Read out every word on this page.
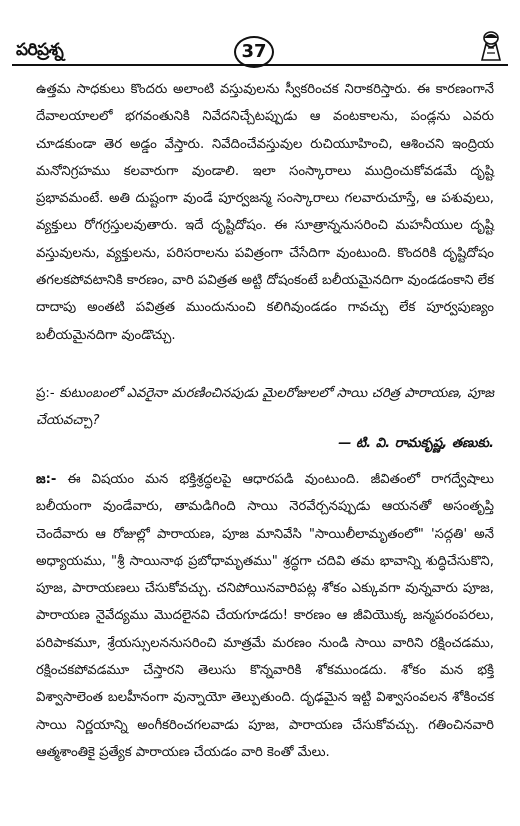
పరిప్రశ్న	37

ఉత్తమ సాధకులు కొందరు అలాంటి వస్తువులను స్వీకరించక నిరాకరిస్తారు. ఈ కారణంగానే దేవాలయాలలో భగవంతునికి నివేదనిచ్చేటప్పుడు ఆ వంటకాలను, పండ్లను ఎవరు చూడకుండా తెర అడ్డం వేస్తారు. నివేదించేవస్తువుల రుచియూహించి, ఆశించని ఇంద్రియ మనోనిగ్రహము కలవారుగా వుండాలి. ఇలా సంస్కారాలు ముద్రించుకోవడమే దృష్టి ప్రభావమంటే. అతి దుష్టంగా వుండే పూర్వజన్మ సంస్కారాలు గలవారుచూస్తే, ఆ పశువులు, వ్యక్తులు రోగగ్రస్తులవుతారు. ఇదే దృష్టిదోషం. ఈ సూత్రాన్ననుసరించి మహనీయుల దృష్టి వస్తువులను, వ్యక్తులను, పరిసరాలను పవిత్రంగా చేసేదిగా వుంటుంది. కొందరికి దృష్టిదోషం తగలకపోవటానికి కారణం, వారి పవిత్రత అట్టి దోషంకంటే బలీయమైనదిగా వుండడంకాని లేక దాదాపు అంతటి పవిత్రత ముందునుంచి కలిగివుండడం గావచ్చు లేక పూర్వపుణ్యం బలీయమైనదిగా వుండొచ్చు.

ప్ర:- కుటుంబంలో ఎవరైనా మరణించినపుడు మైలరోజులలో సాయి చరిత్ర పారాయణ, పూజ చేయవచ్చా?

— టి. వి. రామకృష్ణ, తణుకు.

జ:- ఈ విషయం మన భక్తిశ్రద్ధలపై ఆధారపడి వుంటుంది. జీవితంలో రాగద్వేషాలు బలీయంగా వుండేవారు, తామడిగింది సాయి నెరవేర్చనప్పుడు ఆయనతో అసంతృప్తి చెందేవారు ఆ రోజుల్లో పారాయణ, పూజ మానివేసి "సాయిలీలామృతంలో" 'సద్గతి' అనే అధ్యాయము, "శ్రీ సాయినాథ ప్రబోధామృతము" శ్రద్ధగా చదివి తమ భావాన్ని శుద్ధిచేసుకొని, పూజ, పారాయణలు చేసుకోవచ్చు. చనిపోయినవారిపట్ల శోకం ఎక్కువగా వున్నవారు పూజ, పారాయణ నైవేద్యము మొదలైనవి చేయగూడదు! కారణం ఆ జీవియొక్క జన్మపరంపరలు, పరిపాకమూ, శ్రేయస్సులననుసరించి మాత్రమే మరణం నుండి సాయి వారిని రక్షించడము, రక్షించకపోవడమూ చేస్తారని తెలుసు కొన్నవారికి శోకముండదు. శోకం మన భక్తి విశ్వాసాలెంత బలహీనంగా వున్నాయో తెల్పుతుంది. దృఢమైన ఇట్టి విశ్వాసంవలన శోకించక సాయి నిర్ణయాన్ని అంగీకరించగలవాడు పూజ, పారాయణ చేసుకోవచ్చు. గతించినవారి ఆత్మశాంతికై ప్రత్యేక పారాయణ చేయడం వారి కెంతో మేలు.
